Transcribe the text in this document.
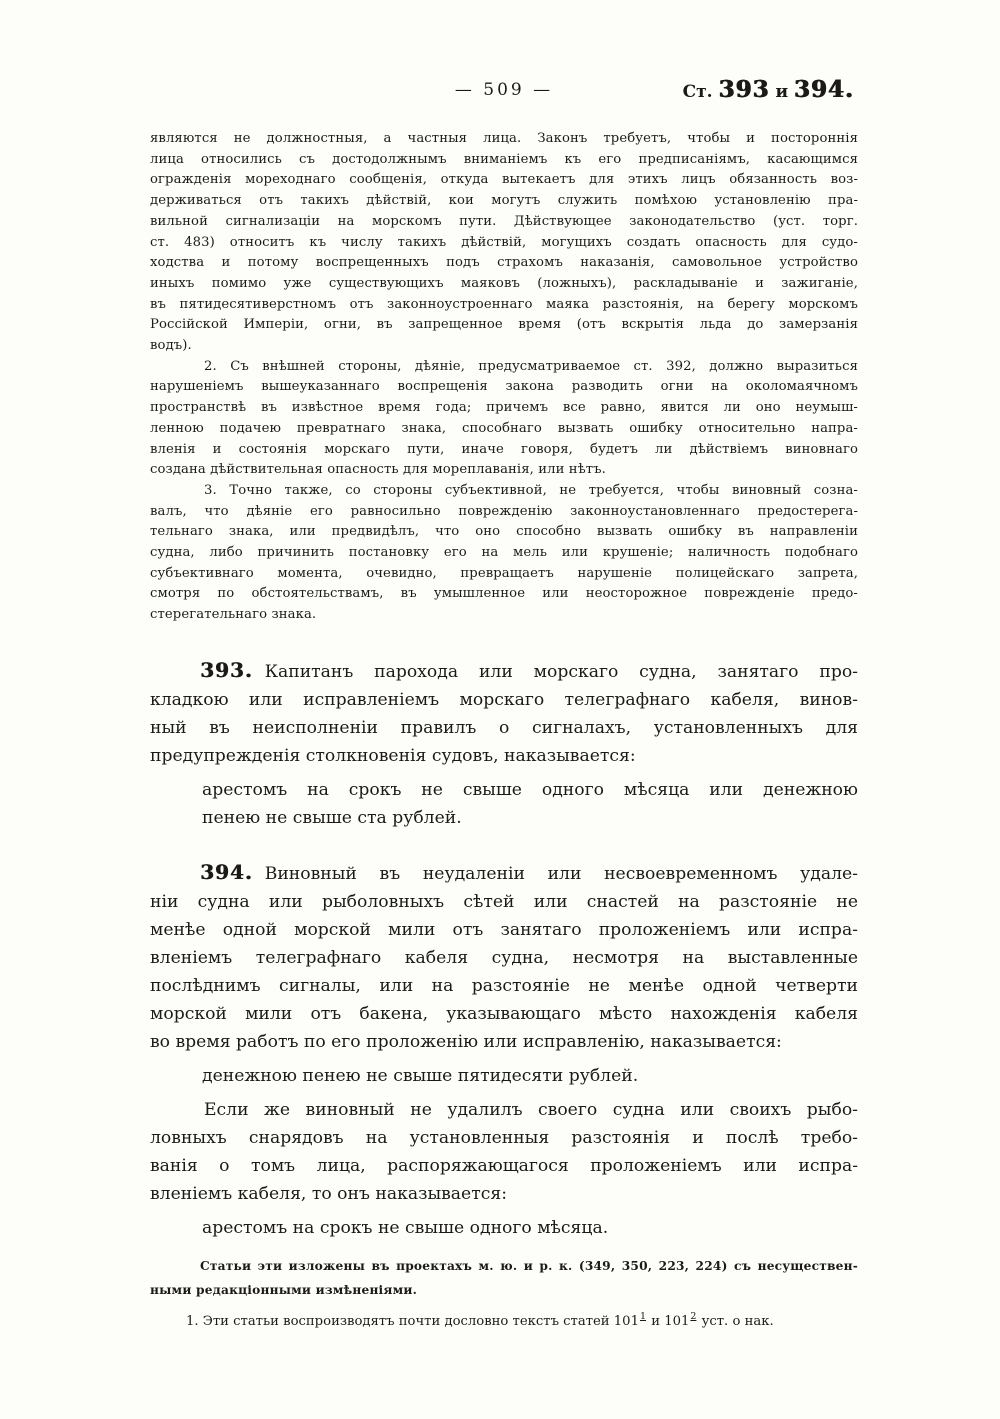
— 509 —	Ст. 393 и 394.
являются не должностныя, а частныя лица. Законъ требуетъ, чтобы и постороннія
лица относились съ достодолжнымъ вниманіемъ къ его предписаніямъ, касающимся
огражденія мореходнаго сообщенія, откуда вытекаетъ для этихъ лицъ обязанность воз-
держиваться отъ такихъ дѣйствій, кои могутъ служить помѣхою установленію пра-
вильной сигнализаціи на морскомъ пути. Дѣйствующее законодательство (уст. торг.
ст. 483) относитъ къ числу такихъ дѣйствій, могущихъ создать опасность для судо-
ходства и потому воспрещенныхъ подъ страхомъ наказанія, самовольное устройство
иныхъ помимо уже существующихъ маяковъ (ложныхъ), раскладываніе и зажиганіе,
въ пятидесятиверстномъ отъ законноустроеннаго маяка разстоянія, на берегу морскомъ
Россійской Имперіи, огни, въ запрещенное время (отъ вскрытія льда до замерзанія
водъ).
2. Съ внѣшней стороны, дѣяніе, предусматриваемое ст. 392, должно выразиться
нарушеніемъ вышеуказаннаго воспрещенія закона разводить огни на околомаячномъ
пространствѣ въ извѣстное время года; причемъ все равно, явится ли оно неумыш-
ленною подачею превратнаго знака, способнаго вызвать ошибку относительно напра-
вленія и состоянія морскаго пути, иначе говоря, будетъ ли дѣйствіемъ виновнаго
создана дѣйствительная опасность для мореплаванія, или нѣтъ.
3. Точно также, со стороны субъективной, не требуется, чтобы виновный созна-
валъ, что дѣяніе его равносильно поврежденію законноустановленнаго предостерега-
тельнаго знака, или предвидѣлъ, что оно способно вызвать ошибку въ направленіи
судна, либо причинить постановку его на мель или крушеніе; наличность подобнаго
субъективнаго момента, очевидно, превращаетъ нарушеніе полицейскаго запрета,
смотря по обстоятельствамъ, въ умышленное или неосторожное поврежденіе предо-
стерегательнаго знака.
393. Капитанъ парохода или морскаго судна, занятаго про-
кладкою или исправленіемъ морскаго телеграфнаго кабеля, винов-
ный въ неисполненіи правилъ о сигналахъ, установленныхъ для
предупрежденія столкновенія судовъ, наказывается:
арестомъ на срокъ не свыше одного мѣсяца или денежною
пенею не свыше ста рублей.
394. Виновный въ неудаленіи или несвоевременномъ удале-
ніи судна или рыболовныхъ сѣтей или снастей на разстояніе не
менѣе одной морской мили отъ занятаго проложеніемъ или испра-
вленіемъ телеграфнаго кабеля судна, несмотря на выставленные
послѣднимъ сигналы, или на разстояніе не менѣе одной четверти
морской мили отъ бакена, указывающаго мѣсто нахожденія кабеля
во время работъ по его проложенію или исправленію, наказывается:
денежною пенею не свыше пятидесяти рублей.
Если же виновный не удалилъ своего судна или своихъ рыбо-
ловныхъ снарядовъ на установленныя разстоянія и послѣ требо-
ванія о томъ лица, распоряжающагося проложеніемъ или испра-
вленіемъ кабеля, то онъ наказывается:
арестомъ на срокъ не свыше одного мѣсяца.
Статьи эти изложены въ проектахъ м. ю. и р. к. (349, 350, 223, 224) съ несуществен-
ными редакціонными измѣненіями.
1. Эти статьи воспроизводятъ почти дословно текстъ статей $101^1$ и $101^2$ уст. о нак.
